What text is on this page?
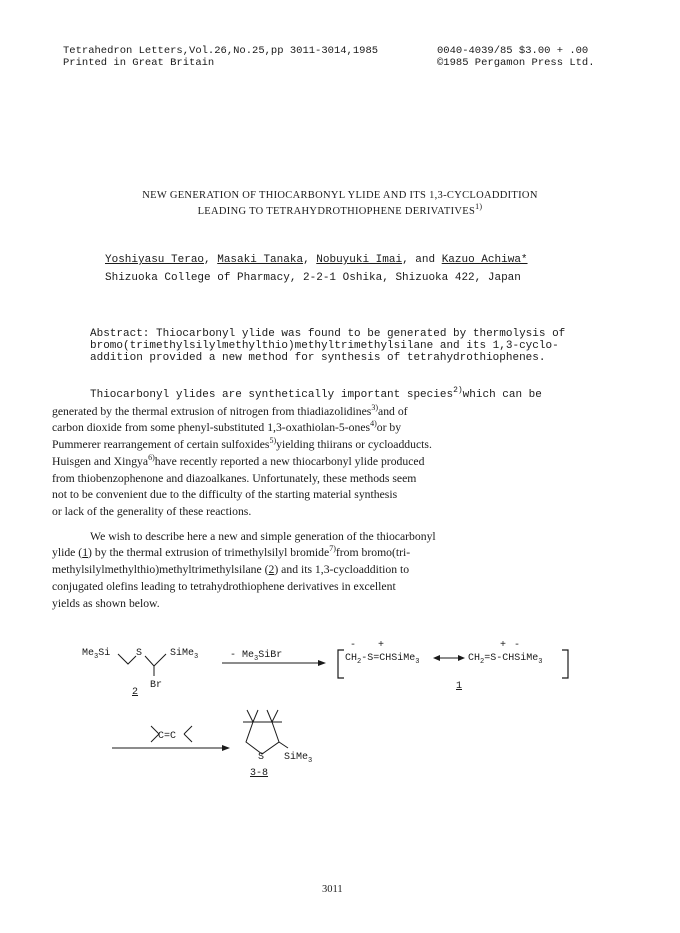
Tetrahedron Letters,Vol.26,No.25,pp 3011-3014,1985

Printed in Great Britain

0040-4039/85 $3.00 + .00

©1985 Pergamon Press Ltd.

NEW GENERATION OF THIOCARBONYL YLIDE AND ITS 1,3-CYCLOADDITION

LEADING TO TETRAHYDROTHIOPHENE DERIVATIVES$^{1)}$

Yoshiyasu Terao, Masaki Tanaka, Nobuyuki Imai, and Kazuo Achiwa*

Shizuoka College of Pharmacy, 2-2-1 Oshika, Shizuoka 422, Japan

Abstract: Thiocarbonyl ylide was found to be generated by thermolysis of

bromo(trimethylsilylmethylthio)methyltrimethylsilane and its 1,3-cyclo-

addition provided a new method for synthesis of tetrahydrothiophenes.

Thiocarbonyl ylides are synthetically important species$^{2)}$which can be

generated by the thermal extrusion of nitrogen from thiadiazolidines$^{3)}$and of

carbon dioxide from some phenyl-substituted 1,3-oxathiolan-5-ones$^{4)}$or by

Pummerer rearrangement of certain sulfoxides$^{5)}$yielding thiirans or cycloadducts.

Huisgen and Xingya$^{6)}$have recently reported a new thiocarbonyl ylide produced

from thiobenzophenone and diazoalkanes. Unfortunately, these methods seem

not to be convenient due to the difficulty of the starting material synthesis

or lack of the generality of these reactions.

We wish to describe here a new and simple generation of the thiocarbonyl

ylide (1) by the thermal extrusion of trimethylsilyl bromide$^{7)}$from bromo(tri-

methylsilylmethylthio)methyltrimethylsilane (2) and its 1,3-cycloaddition to

conjugated olefins leading to tetrahydrothiophene derivatives in excellent

yields as shown below.

$Me_3Si$	S	SiMe$_3$
Br
2
- $Me_3SiBr$
- +
$CH_2-S=CHSiMe_3$
+ -
$CH_2=S-CHSiMe_3$
1
C=C
S SiMe$_3$
3-8

3011
